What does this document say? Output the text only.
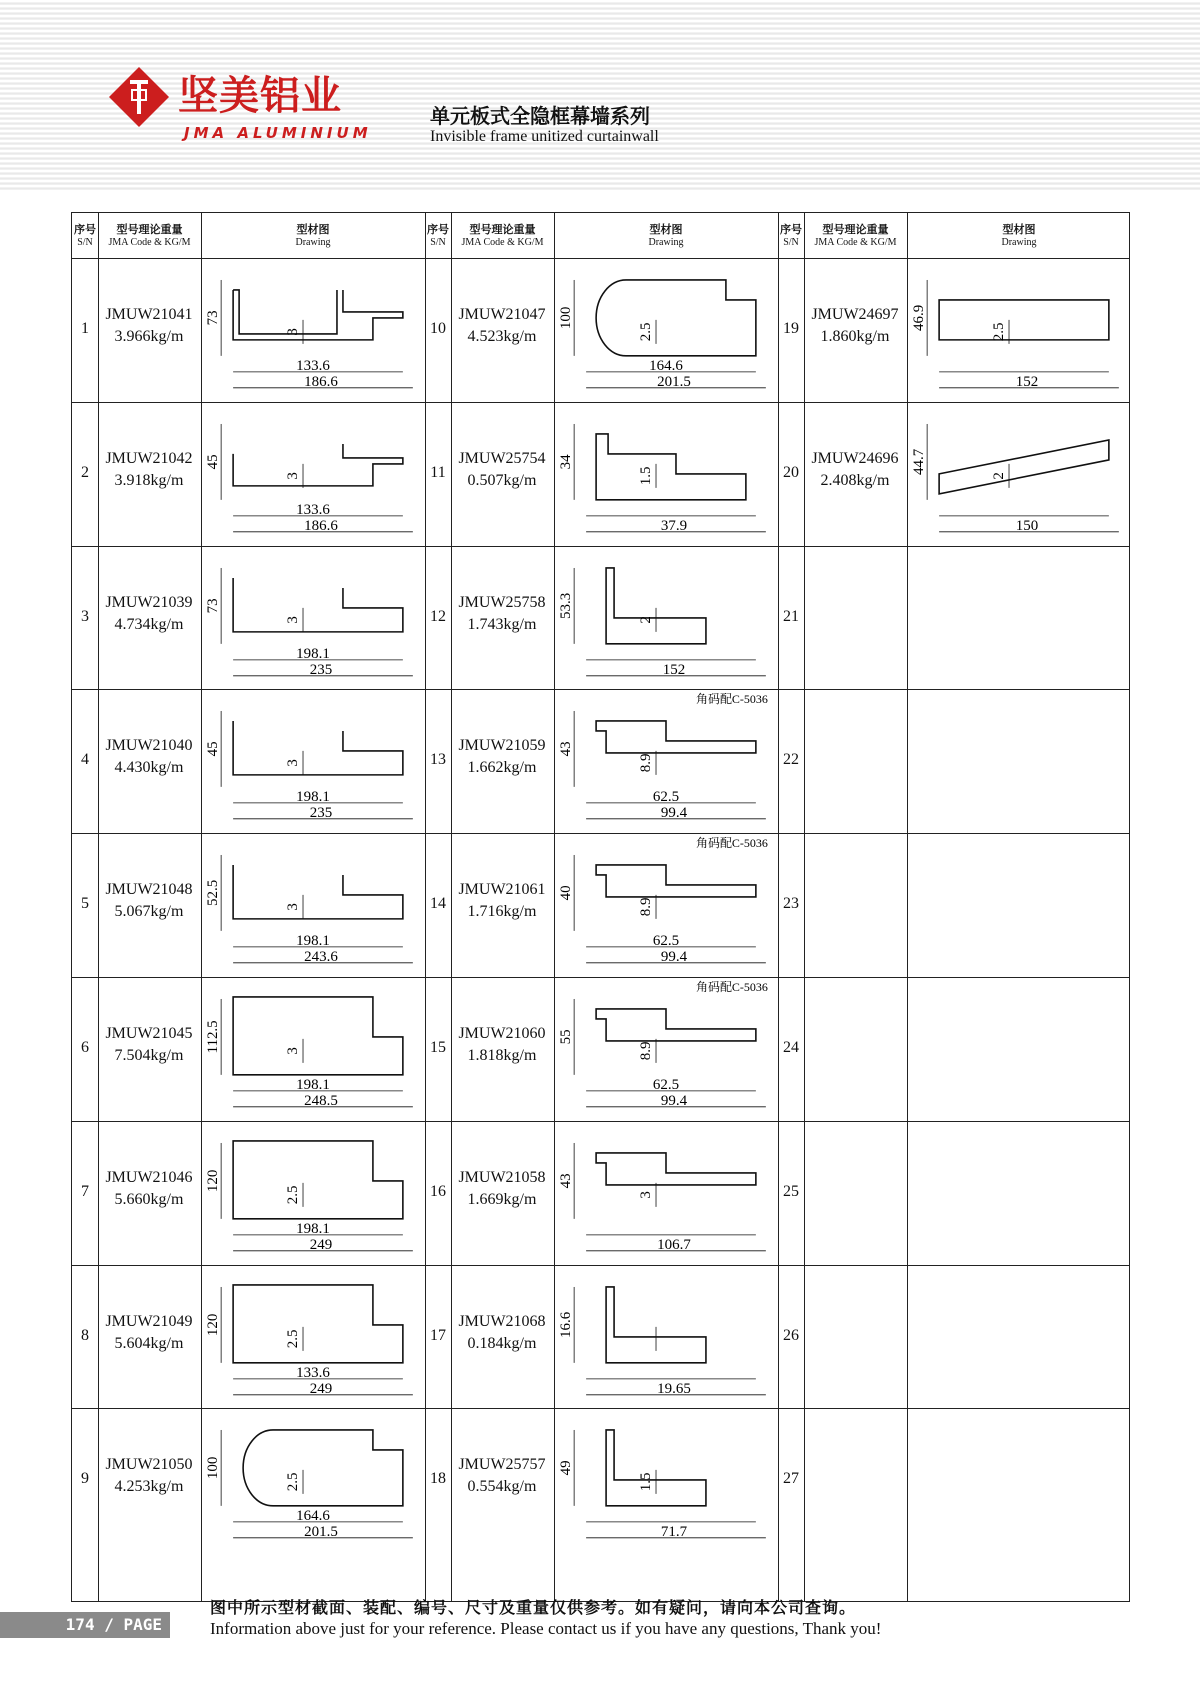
坚美铝业
JMA ALUMINIUM
单元板式全隐框幕墙系列
Invisible frame unitized curtainwall
序号
S/N
型号理论重量
JMA Code & KG/M
型材图
Drawing
序号
S/N
型号理论重量
JMA Code & KG/M
型材图
Drawing
序号
S/N
型号理论重量
JMA Code & KG/M
型材图
Drawing
1
JMUW21041
3.966kg/m
73
3
133.6
186.6
2
JMUW21042
3.918kg/m
45
3
133.6
186.6
3
JMUW21039
4.734kg/m
73
3
198.1
235
4
JMUW21040
4.430kg/m
45
3
198.1
235
5
JMUW21048
5.067kg/m
52.5
3
198.1
243.6
6
JMUW21045
7.504kg/m
112.5	3
198.1
248.5
7
JMUW21046
5.660kg/m
120
2.5
198.1
249
8
JMUW21049
5.604kg/m
120
2.5
133.6
249
9
JMUW21050
4.253kg/m
100
2.5
164.6
201.5
10
JMUW21047
4.523kg/m
100
2.5
164.6
201.5
11
JMUW25754
0.507kg/m
34
1.5
37.9
12
JMUW25758
1.743kg/m
53.3
2
152
13
JMUW21059
1.662kg/m
43
8.9
62.5
99.4
角码配C-5036
14
JMUW21061
1.716kg/m
40
8.9
62.5
99.4
角码配C-5036
15
JMUW21060
1.818kg/m
55
8.9
62.5
99.4
角码配C-5036
16
JMUW21058
1.669kg/m
43
3
106.7
17
JMUW21068
0.184kg/m
16.6
19.65
18
JMUW25757
0.554kg/m
49
1.5
71.7
19
JMUW24697
1.860kg/m
46.9
2.5
152
20
JMUW24696
2.408kg/m
44.7
2
150
21
22
23
24
25
26
27
174 / PAGE
图中所示型材截面、装配、编号、尺寸及重量仅供参考。如有疑问，请向本公司查询。
Information above just for your reference. Please contact us if you have any questions, Thank you!
